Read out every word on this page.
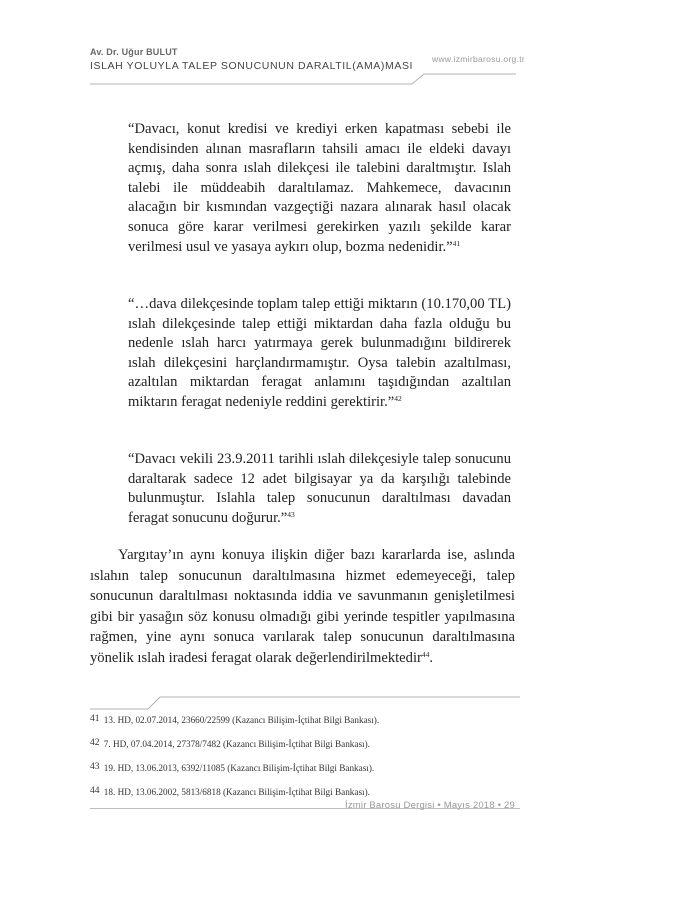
Av. Dr. Uğur BULUT
ISLAH YOLUYLA TALEP SONUCUNUN DARALTIL(AMA)MASI
www.izmirbarosu.org.tr

“Davacı, konut kredisi ve krediyi erken kapatması sebebi ile kendisinden alınan masrafların tahsili amacı ile eldeki davayı açmış, daha sonra ıslah dilekçesi ile talebini daraltmıştır. Islah talebi ile müddeabih daraltılamaz. Mahkemece, davacının alacağın bir kısmından vazgeçtiği nazara alınarak hasıl olacak sonuca göre karar verilmesi gerekirken yazılı şekilde karar verilmesi usul ve yasaya aykırı olup, bozma nedenidir.”$^{41}$

“…dava dilekçesinde toplam talep ettiği miktarın (10.170,00 TL) ıslah dilekçesinde talep ettiği miktardan daha fazla olduğu bu nedenle ıslah harcı yatırmaya gerek bulunmadığını bildirerek ıslah dilekçesini harçlandırmamıştır. Oysa talebin azaltılması, azaltılan miktardan feragat anlamını taşıdığından azaltılan miktarın feragat nedeniyle reddini gerektirir.”$^{42}$

“Davacı vekili 23.9.2011 tarihli ıslah dilekçesiyle talep sonucunu daraltarak sadece 12 adet bilgisayar ya da karşılığı talebinde bulunmuştur. Islahla talep sonucunun daraltılması davadan feragat sonucunu doğurur.”$^{43}$

Yargıtay’ın aynı konuya ilişkin diğer bazı kararlarda ise, aslında ıslahın talep sonucunun daraltılmasına hizmet edemeyeceği, talep sonucunun daraltılması noktasında iddia ve savunmanın genişletilmesi gibi bir yasağın söz konusu olmadığı gibi yerinde tespitler yapılmasına rağmen, yine aynı sonuca varılarak talep sonucunun daraltılmasına yönelik ıslah iradesi feragat olarak değerlendirilmektedir$^{44}$.

41 13. HD, 02.07.2014, 23660/22599 (Kazancı Bilişim-İçtihat Bilgi Bankası).

42 7. HD, 07.04.2014, 27378/7482 (Kazancı Bilişim-İçtihat Bilgi Bankası).

43 19. HD, 13.06.2013, 6392/11085 (Kazancı Bilişim-İçtihat Bilgi Bankası).

44 18. HD, 13.06.2002, 5813/6818 (Kazancı Bilişim-İçtihat Bilgi Bankası).

İzmir Barosu Dergisi • Mayıs 2018 • 29
